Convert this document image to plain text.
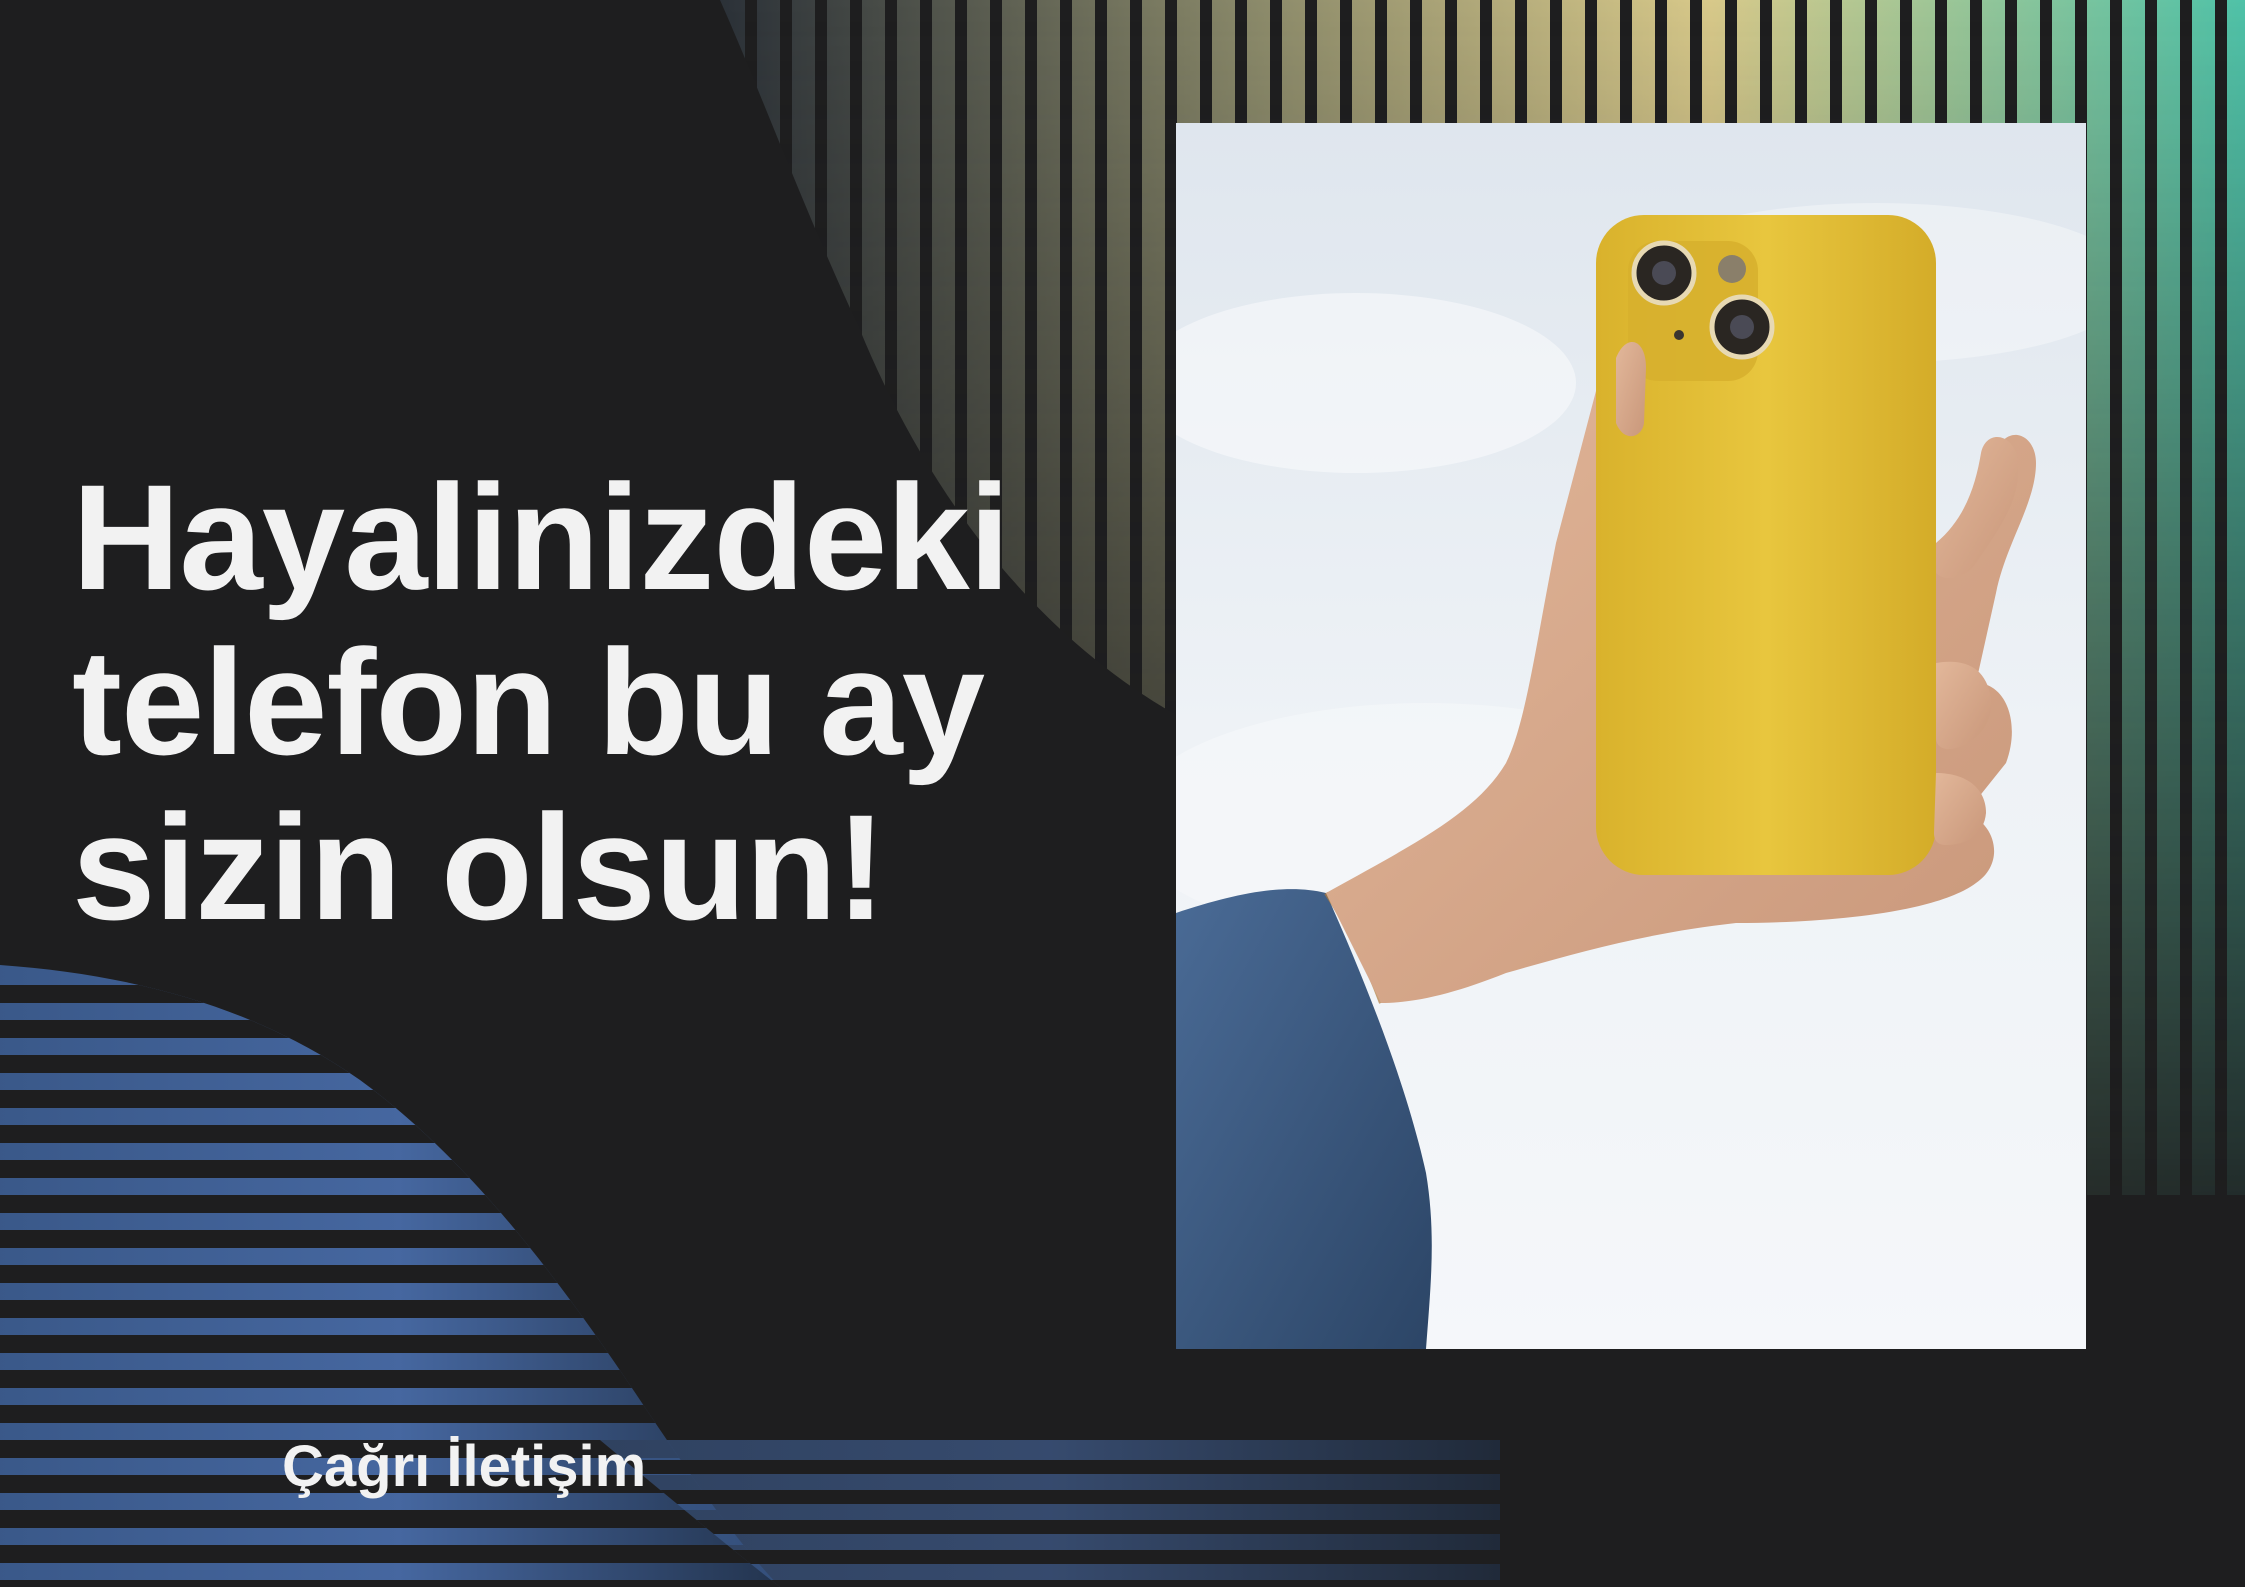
Hayalinizdeki
telefon bu ay
sizin olsun!
Çağrı İletişim
